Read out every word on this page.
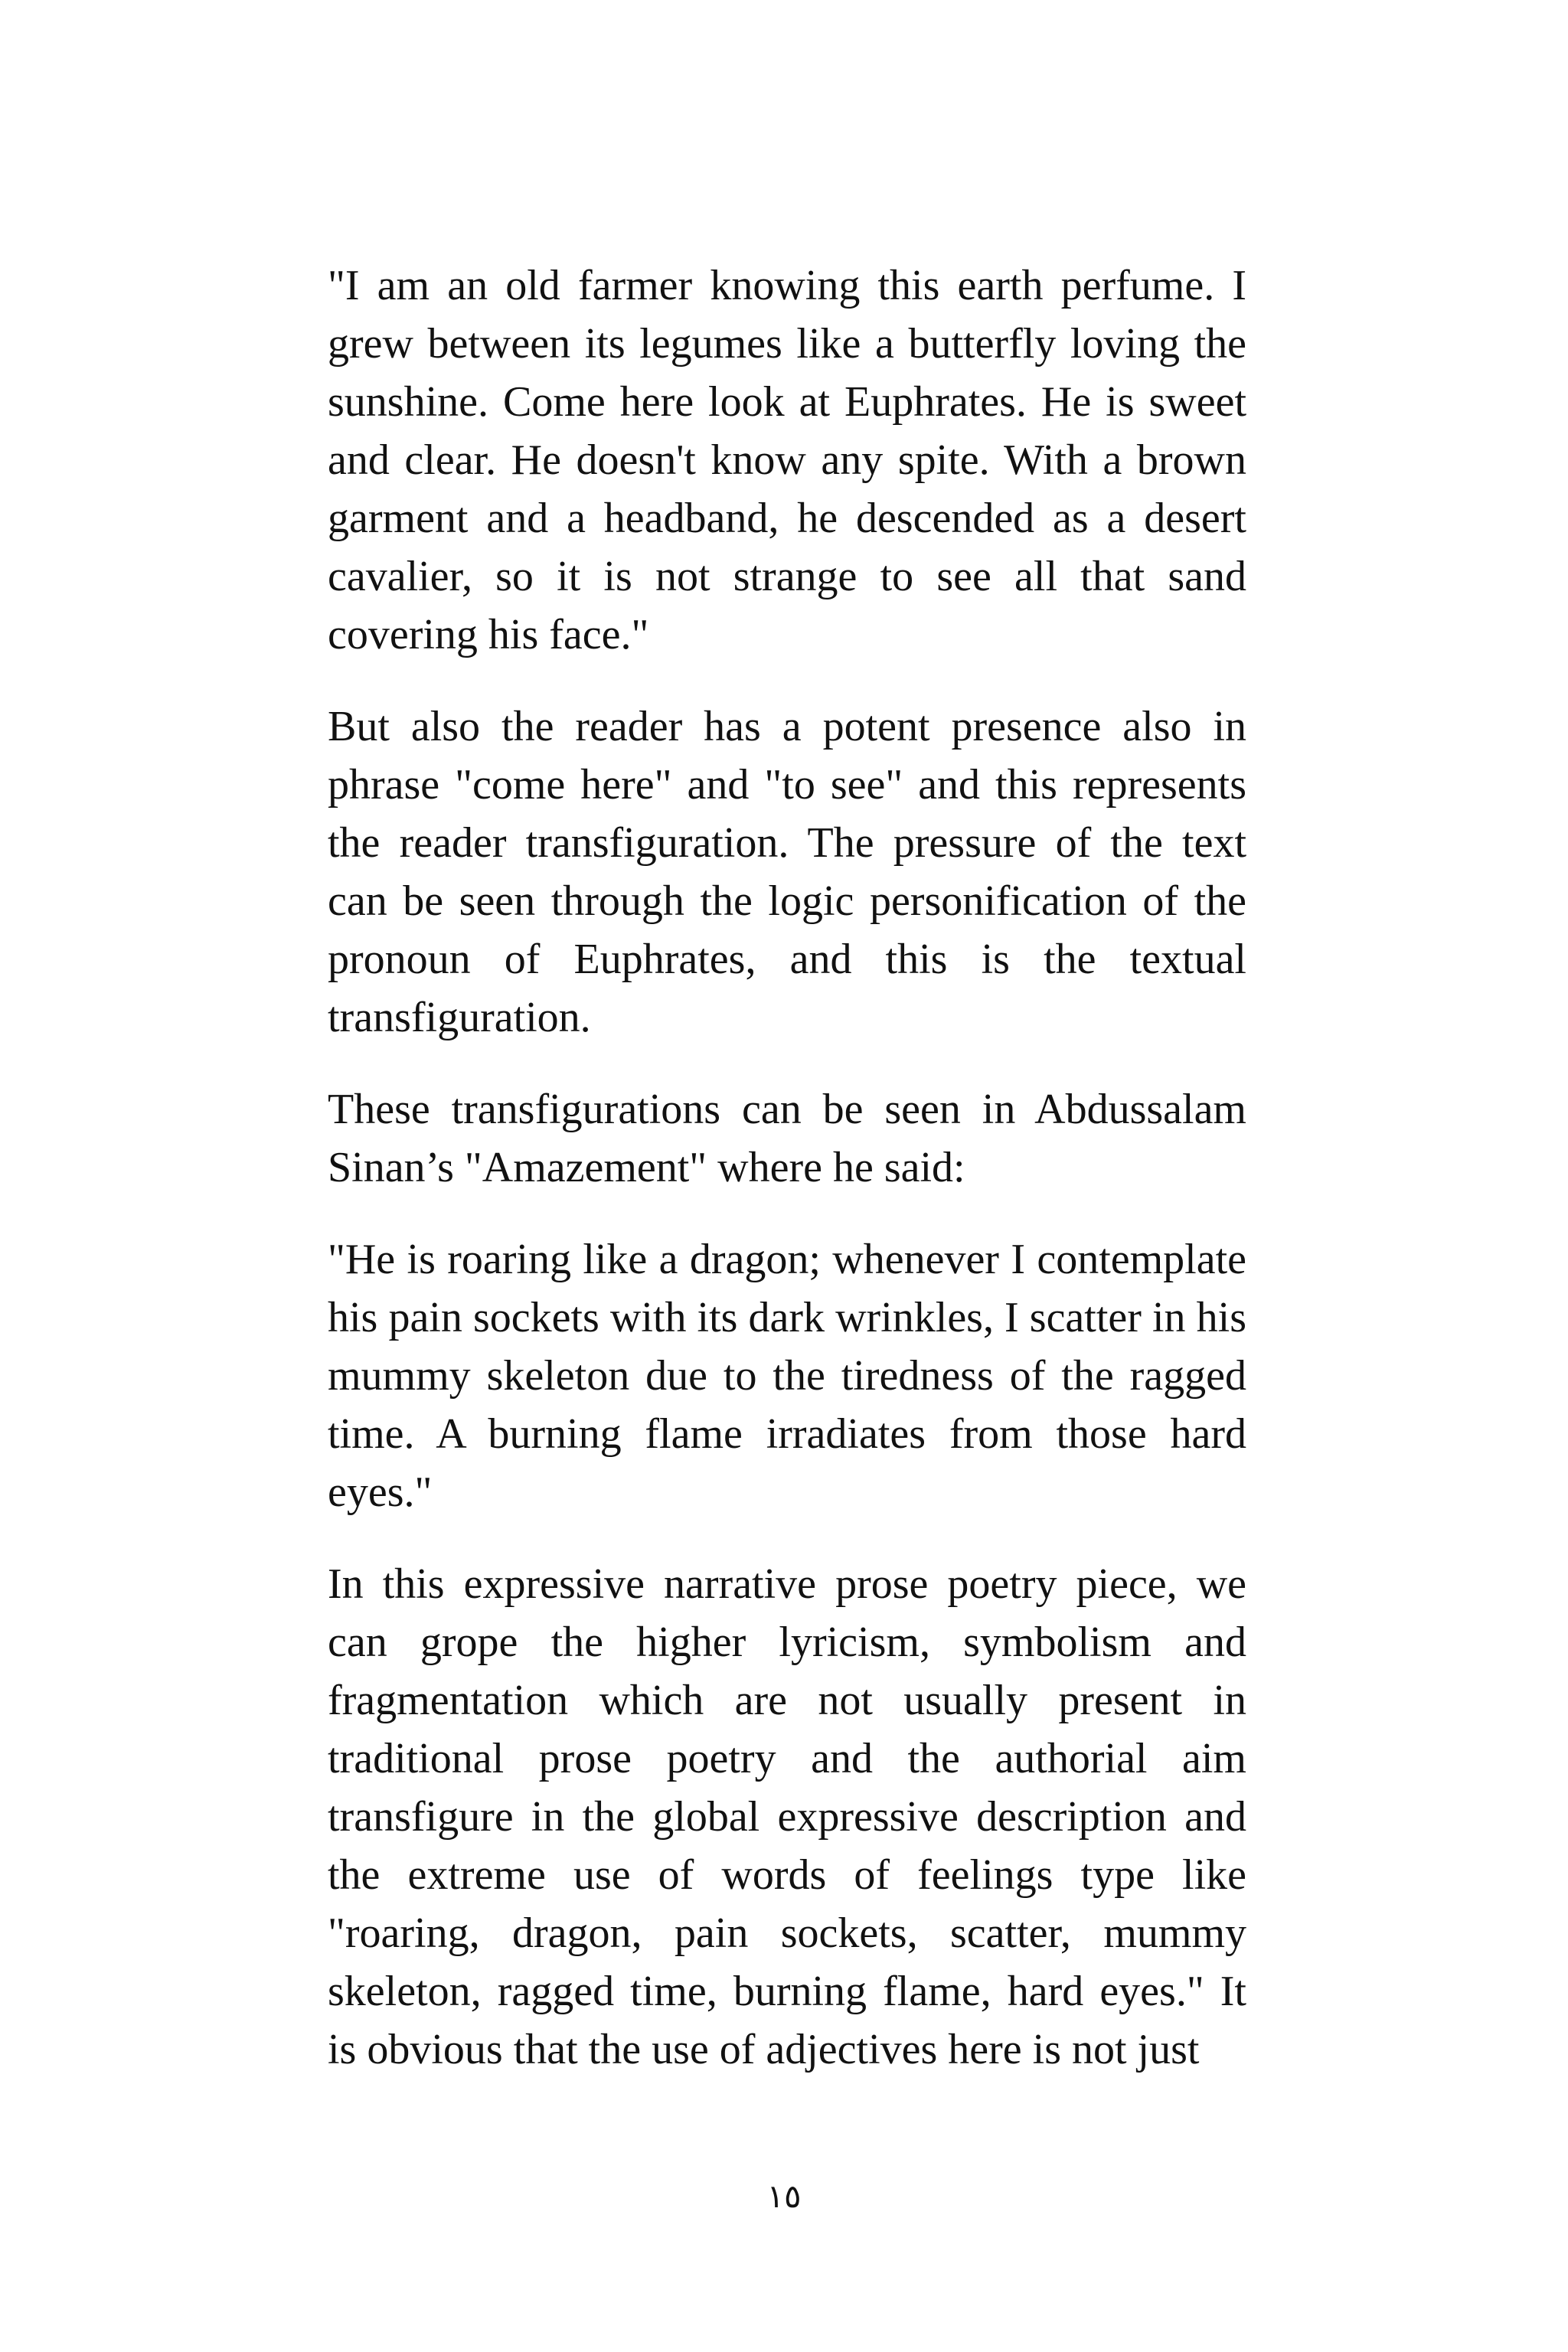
"I am an old farmer knowing this earth perfume. I grew between its legumes like a butterfly loving the sunshine. Come here look at Euphrates. He is sweet and clear. He doesn't know any spite. With a brown garment and a headband, he descended as a desert cavalier, so it is not strange to see all that sand covering his face."

But also the reader has a potent presence also in phrase "come here" and "to see" and this represents the reader transfiguration. The pressure of the text can be seen through the logic personification of the pronoun of Euphrates, and this is the textual transfiguration.

These transfigurations can be seen in Abdussalam Sinan’s "Amazement" where he said:

"He is roaring like a dragon; whenever I contemplate his pain sockets with its dark wrinkles, I scatter in his mummy skeleton due to the tiredness of the ragged time. A burning flame irradiates from those hard eyes."

In this expressive narrative prose poetry piece, we can grope the higher lyricism, symbolism and fragmentation which are not usually present in traditional prose poetry and the authorial aim transfigure in the global expressive description and the extreme use of words of feelings type like "roaring, dragon, pain sockets, scatter, mummy skeleton, ragged time, burning flame, hard eyes." It is obvious that the use of adjectives here is not just

١٥
